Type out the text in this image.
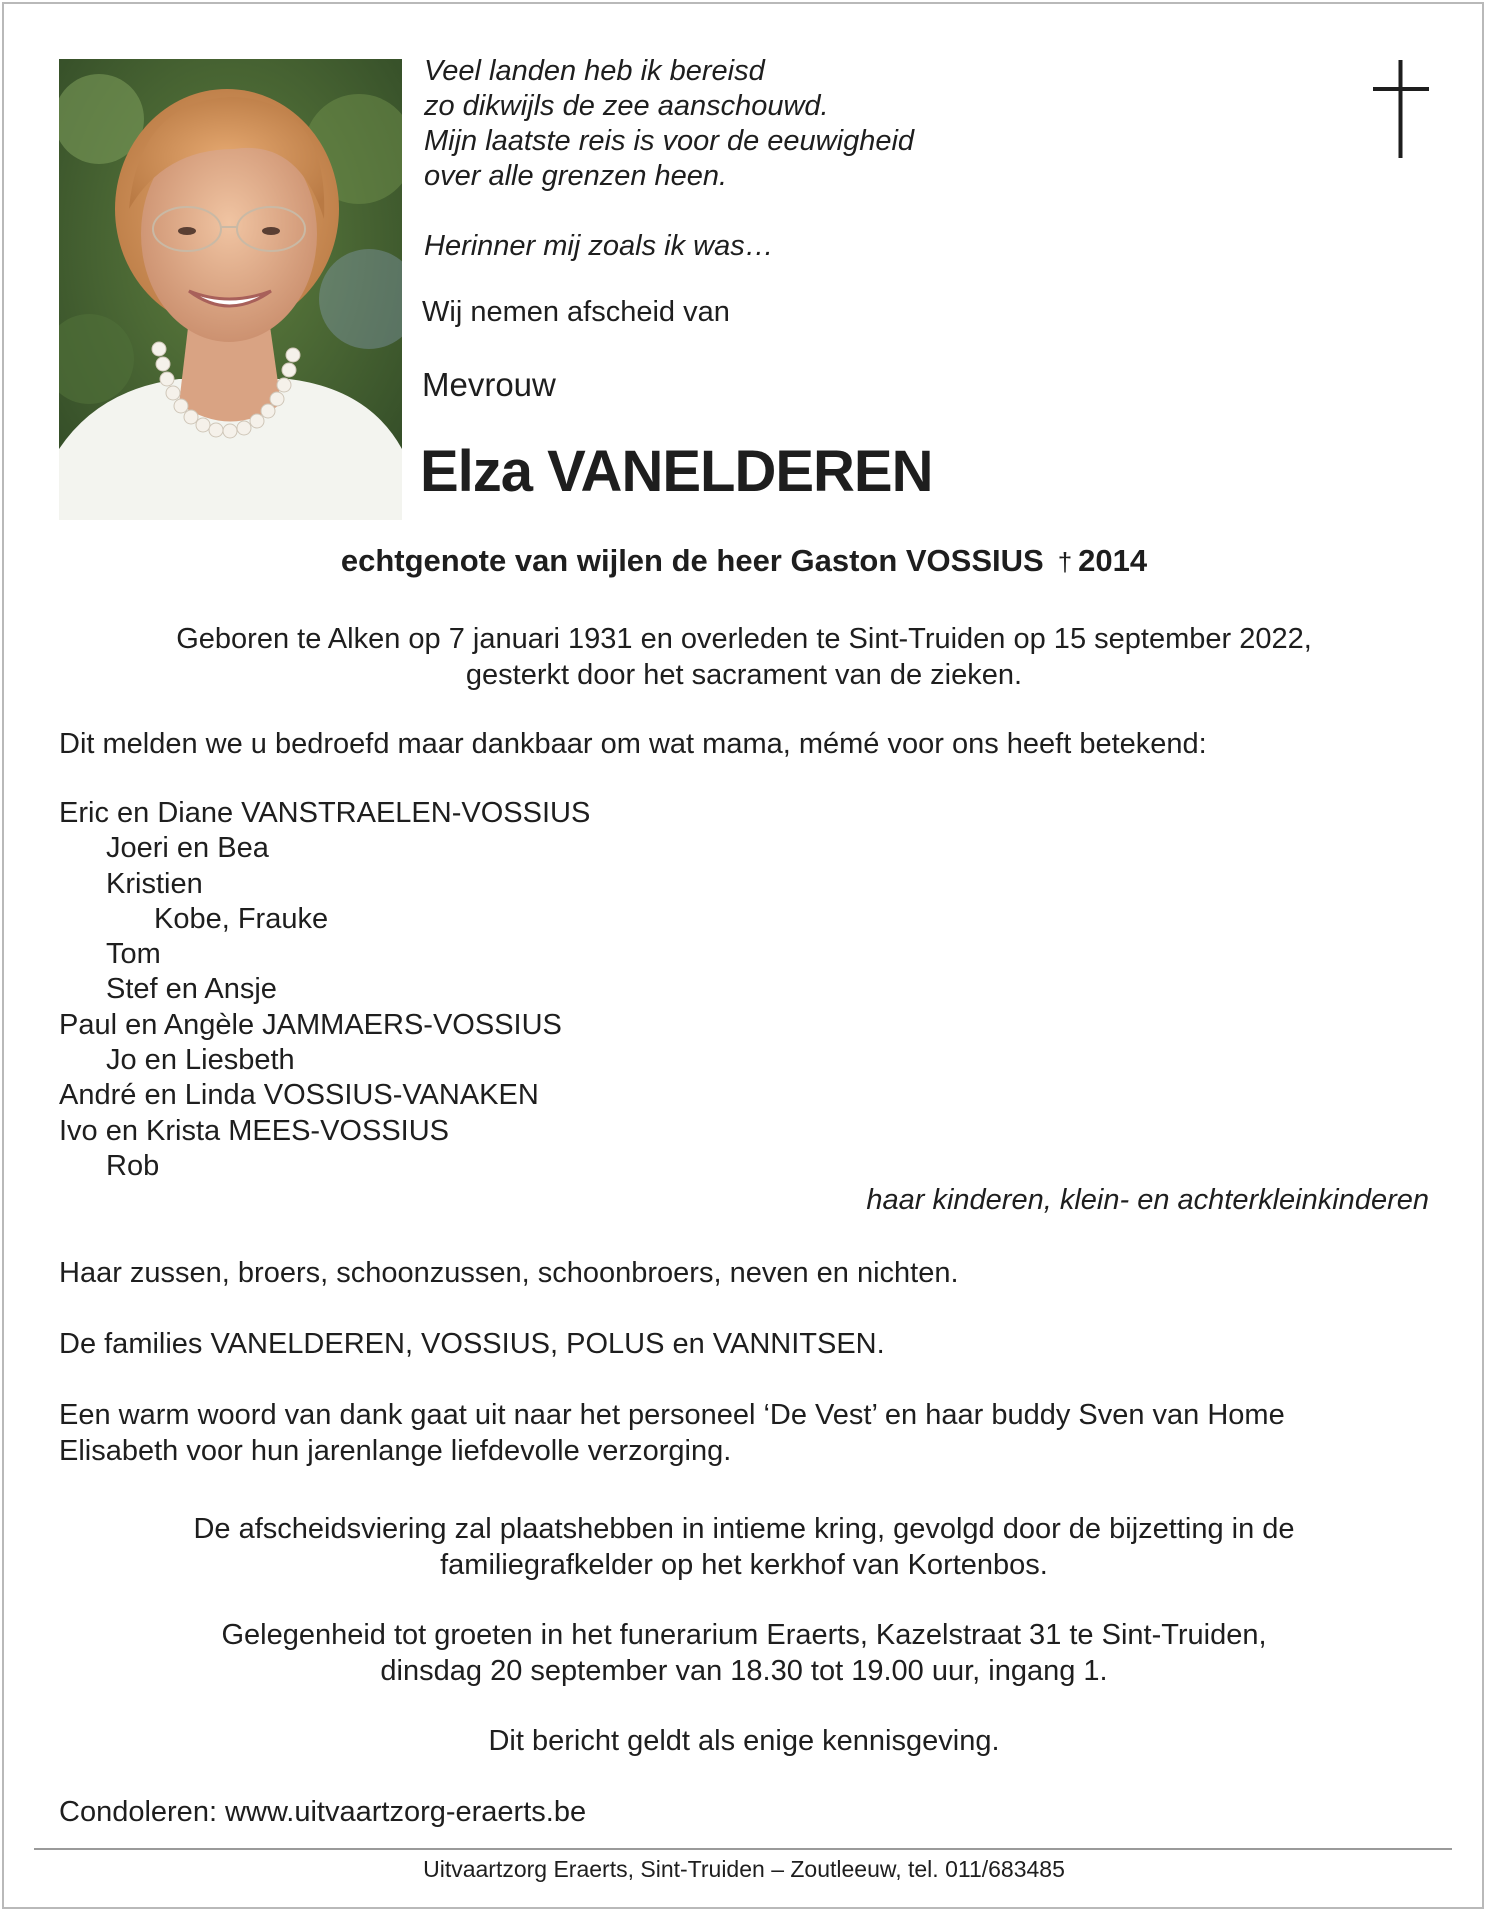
Veel landen heb ik bereisd
zo dikwijls de zee aanschouwd.
Mijn laatste reis is voor de eeuwigheid
over alle grenzen heen.
Herinner mij zoals ik was…
Wij nemen afscheid van
Mevrouw
Elza VANELDEREN
echtgenote van wijlen de heer Gaston VOSSIUS † 2014
Geboren te Alken op 7 januari 1931 en overleden te Sint-Truiden op 15 september 2022,
gesterkt door het sacrament van de zieken.
Dit melden we u bedroefd maar dankbaar om wat mama, mémé voor ons heeft betekend:
Eric en Diane VANSTRAELEN-VOSSIUS
Joeri en Bea
Kristien
Kobe, Frauke
Tom
Stef en Ansje
Paul en Angèle JAMMAERS-VOSSIUS
Jo en Liesbeth
André en Linda VOSSIUS-VANAKEN
Ivo en Krista MEES-VOSSIUS
Rob
haar kinderen, klein- en achterkleinkinderen
Haar zussen, broers, schoonzussen, schoonbroers, neven en nichten.
De families VANELDEREN, VOSSIUS, POLUS en VANNITSEN.
Een warm woord van dank gaat uit naar het personeel ‘De Vest’ en haar buddy Sven van Home
Elisabeth voor hun jarenlange liefdevolle verzorging.
De afscheidsviering zal plaatshebben in intieme kring, gevolgd door de bijzetting in de
familiegrafkelder op het kerkhof van Kortenbos.
Gelegenheid tot groeten in het funerarium Eraerts, Kazelstraat 31 te Sint-Truiden,
dinsdag 20 september van 18.30 tot 19.00 uur, ingang 1.
Dit bericht geldt als enige kennisgeving.
Condoleren: www.uitvaartzorg-eraerts.be
Uitvaartzorg Eraerts, Sint-Truiden – Zoutleeuw, tel. 011/683485
